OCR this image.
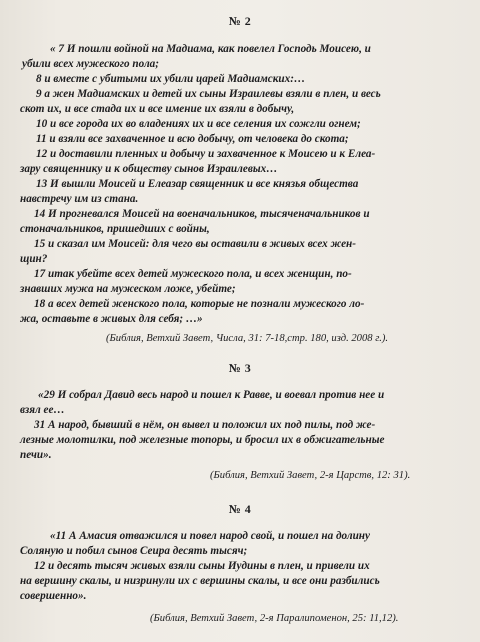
№ 2
« 7 И пошли войной на Мадиама, как повелел Господь Моисею, и
убили всех мужеского пола;
8 и вместе с убитыми их убили царей Мадиамских:…
9 а жен Мадиамских и детей их сыны Израилевы взяли в плен, и весь
скот их, и все стада их и все имение их взяли в добычу,
10 и все города их во владениях их и все селения их сожгли огнем;
11 и взяли все захваченное и всю добычу, от человека до скота;
12 и доставили пленных и добычу и захваченное к Моисею и к Елеа-
зару священнику и к обществу сынов Израилевых…
13 И вышли Моисей и Елеазар священник и все князья общества
навстречу им из стана.
14 И прогневался Моисей на военачальников, тысяченачальников и
стоначальников, пришедших с войны,
15 и сказал им Моисей: для чего вы оставили в живых всех жен-
щин?
17 итак убейте всех детей мужеского пола, и всех женщин, по-
знавших мужа на мужеском ложе, убейте;
18 а всех детей женского пола, которые не познали мужеского ло-
жа, оставьте в живых для себя; …»
(Библия, Ветхий Завет, Числа, 31: 7-18,стр. 180, изд. 2008 г.).
№ 3
«29 И собрал Давид весь народ и пошел к Равве, и воевал против нее и
взял ее…
31 А народ, бывший в нём, он вывел и положил их под пилы, под же-
лезные молотилки, под железные топоры, и бросил их в обжигательные
печи».
(Библия, Ветхий Завет, 2-я Царств, 12: 31).
№ 4
«11 А Амасия отважился и повел народ свой, и пошел на долину
Соляную и побил сынов Сеира десять тысяч;
12 и десять тысяч живых взяли сыны Иудины в плен, и привели их
на вершину скалы, и низринули их с вершины скалы, и все они разбились
совершенно».
(Библия, Ветхий Завет, 2-я Паралипоменон, 25: 11,12).
